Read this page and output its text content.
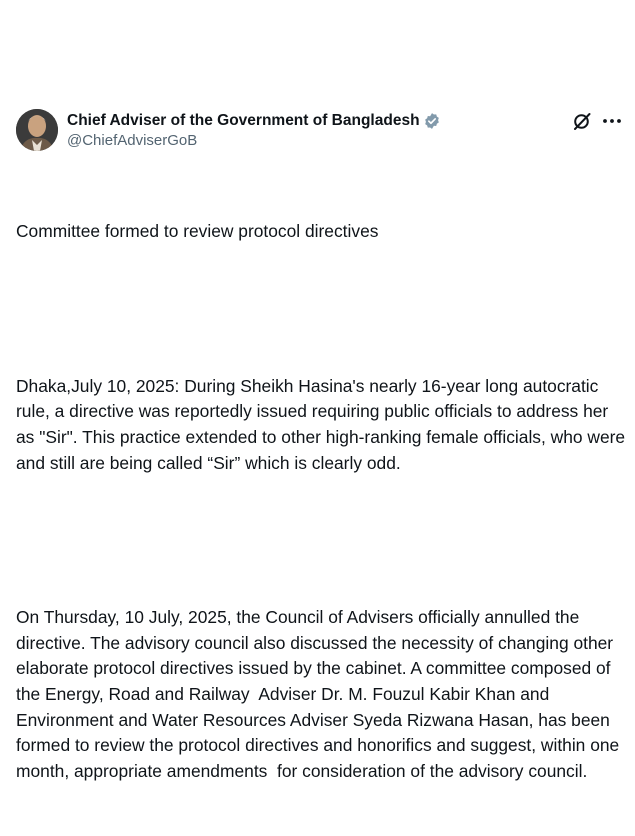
Chief Adviser of the Government of Bangladesh
@ChiefAdviserGoB

Committee formed to review protocol directives

Dhaka,July 10, 2025: During Sheikh Hasina's nearly 16-year long autocratic rule, a directive was reportedly issued requiring public officials to address her as "Sir". This practice extended to other high-ranking female officials, who were and still are being called “Sir” which is clearly odd.

On Thursday, 10 July, 2025, the Council of Advisers officially annulled the directive. The advisory council also discussed the necessity of changing other elaborate protocol directives issued by the cabinet. A committee composed of the Energy, Road and Railway  Adviser Dr. M. Fouzul Kabir Khan and Environment and Water Resources Adviser Syeda Rizwana Hasan, has been formed to review the protocol directives and honorifics and suggest, within one month, appropriate amendments  for consideration of the advisory council.
